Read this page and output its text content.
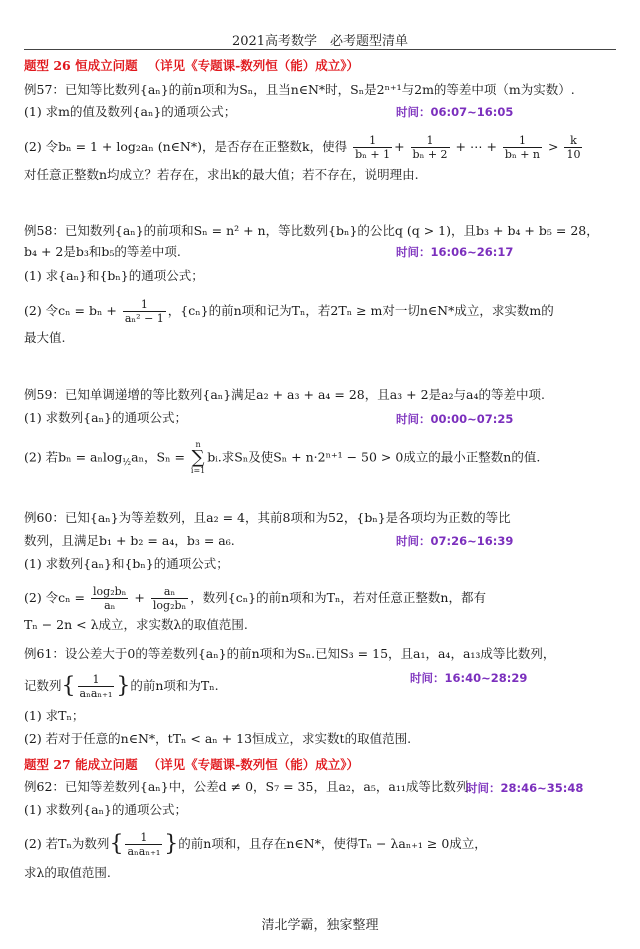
2021高考数学　必考题型清单
题型 26 恒成立问题 （详见《专题课-数列恒（能）成立》）
例57：已知等比数列{aₙ}的前n项和为Sₙ，且当n∈N*时，Sₙ是2ⁿ⁺¹与2m的等差中项（m为实数）.
(1) 求m的值及数列{aₙ}的通项公式；	时间：06:07~16:05
(2) 令bₙ = 1 + log₂aₙ (n∈N*)，是否存在正整数k，使得 $\frac{1}{\text{bₙ + 1}} + \frac{1}{\text{bₙ + 2}}$ + ⋯ + $\frac{1}{\text{bₙ + n}} > \frac{k}{10}$
对任意正整数n均成立？若存在，求出k的最大值；若不存在，说明理由.
例58：已知数列{aₙ}的前项和Sₙ = n² + n，等比数列{bₙ}的公比q (q > 1)，且b₃ + b₄ + b₅ = 28，
b₄ + 2是b₃和b₅的等差中项.	时间：16:06~26:17
(1) 求{aₙ}和{bₙ}的通项公式；
(2) 令$c_n = b_n + \frac{1}{\text{aₙ² − 1}}$ ，{cₙ}的前n项和记为Tₙ，若2Tₙ ≥ m对一切n∈N*成立，求实数m的
最大值.
例59：已知单调递增的等比数列{aₙ}满足a₂ + a₃ + a₄ = 28，且a₃ + 2是a₂与a₄的等差中项.
(1) 求数列{aₙ}的通项公式；	时间：00:00~07:25
(2) 若bₙ = aₙlog$_{\frac{1}{2}}$aₙ，Sₙ = n
∑
i=1bᵢ.求Sₙ及使Sₙ + n·2ⁿ⁺¹ − 50 > 0成立的最小正整数n的值.
例60：已知{aₙ}为等差数列，且a₂ = 4，其前8项和为52，{bₙ}是各项均为正数的等比
数列，且满足b₁ + b₂ = a₄，b₃ = a₆.	时间：07:26~16:39
(1) 求数列{aₙ}和{bₙ}的通项公式；
(2) 令$c_n = \frac{\text{log₂bₙ}}{\text{aₙ}} + \frac{\text{aₙ}}{\text{log₂bₙ}}$ ，数列{cₙ}的前n项和为Tₙ，若对任意正整数n，都有
Tₙ − 2n < λ成立，求实数λ的取值范围.
例61：设公差大于0的等差数列{aₙ}的前n项和为Sₙ.已知S₃ = 15，且a₁，a₄，a₁₃成等比数列，
记数列{ $\frac{1}{\text{aₙaₙ₊₁}}$ }的前n项和为Tₙ.	时间：16:40~28:29
(1) 求Tₙ；
(2) 若对于任意的n∈N*，tTₙ < aₙ + 13恒成立，求实数t的取值范围.
题型 27 能成立问题 （详见《专题课-数列恒（能）成立》）
例62：已知等差数列{aₙ}中，公差d ≠ 0，S₇ = 35，且a₂，a₅，a₁₁成等比数列.
时间：28:46~35:48
(1) 求数列{aₙ}的通项公式；
(2) 若Tₙ为数列{ $\frac{1}{\text{aₙaₙ₊₁}}$ }的前n项和，且存在n∈N*，使得Tₙ − λaₙ₊₁ ≥ 0成立，
求λ的取值范围.
清北学霸，独家整理
